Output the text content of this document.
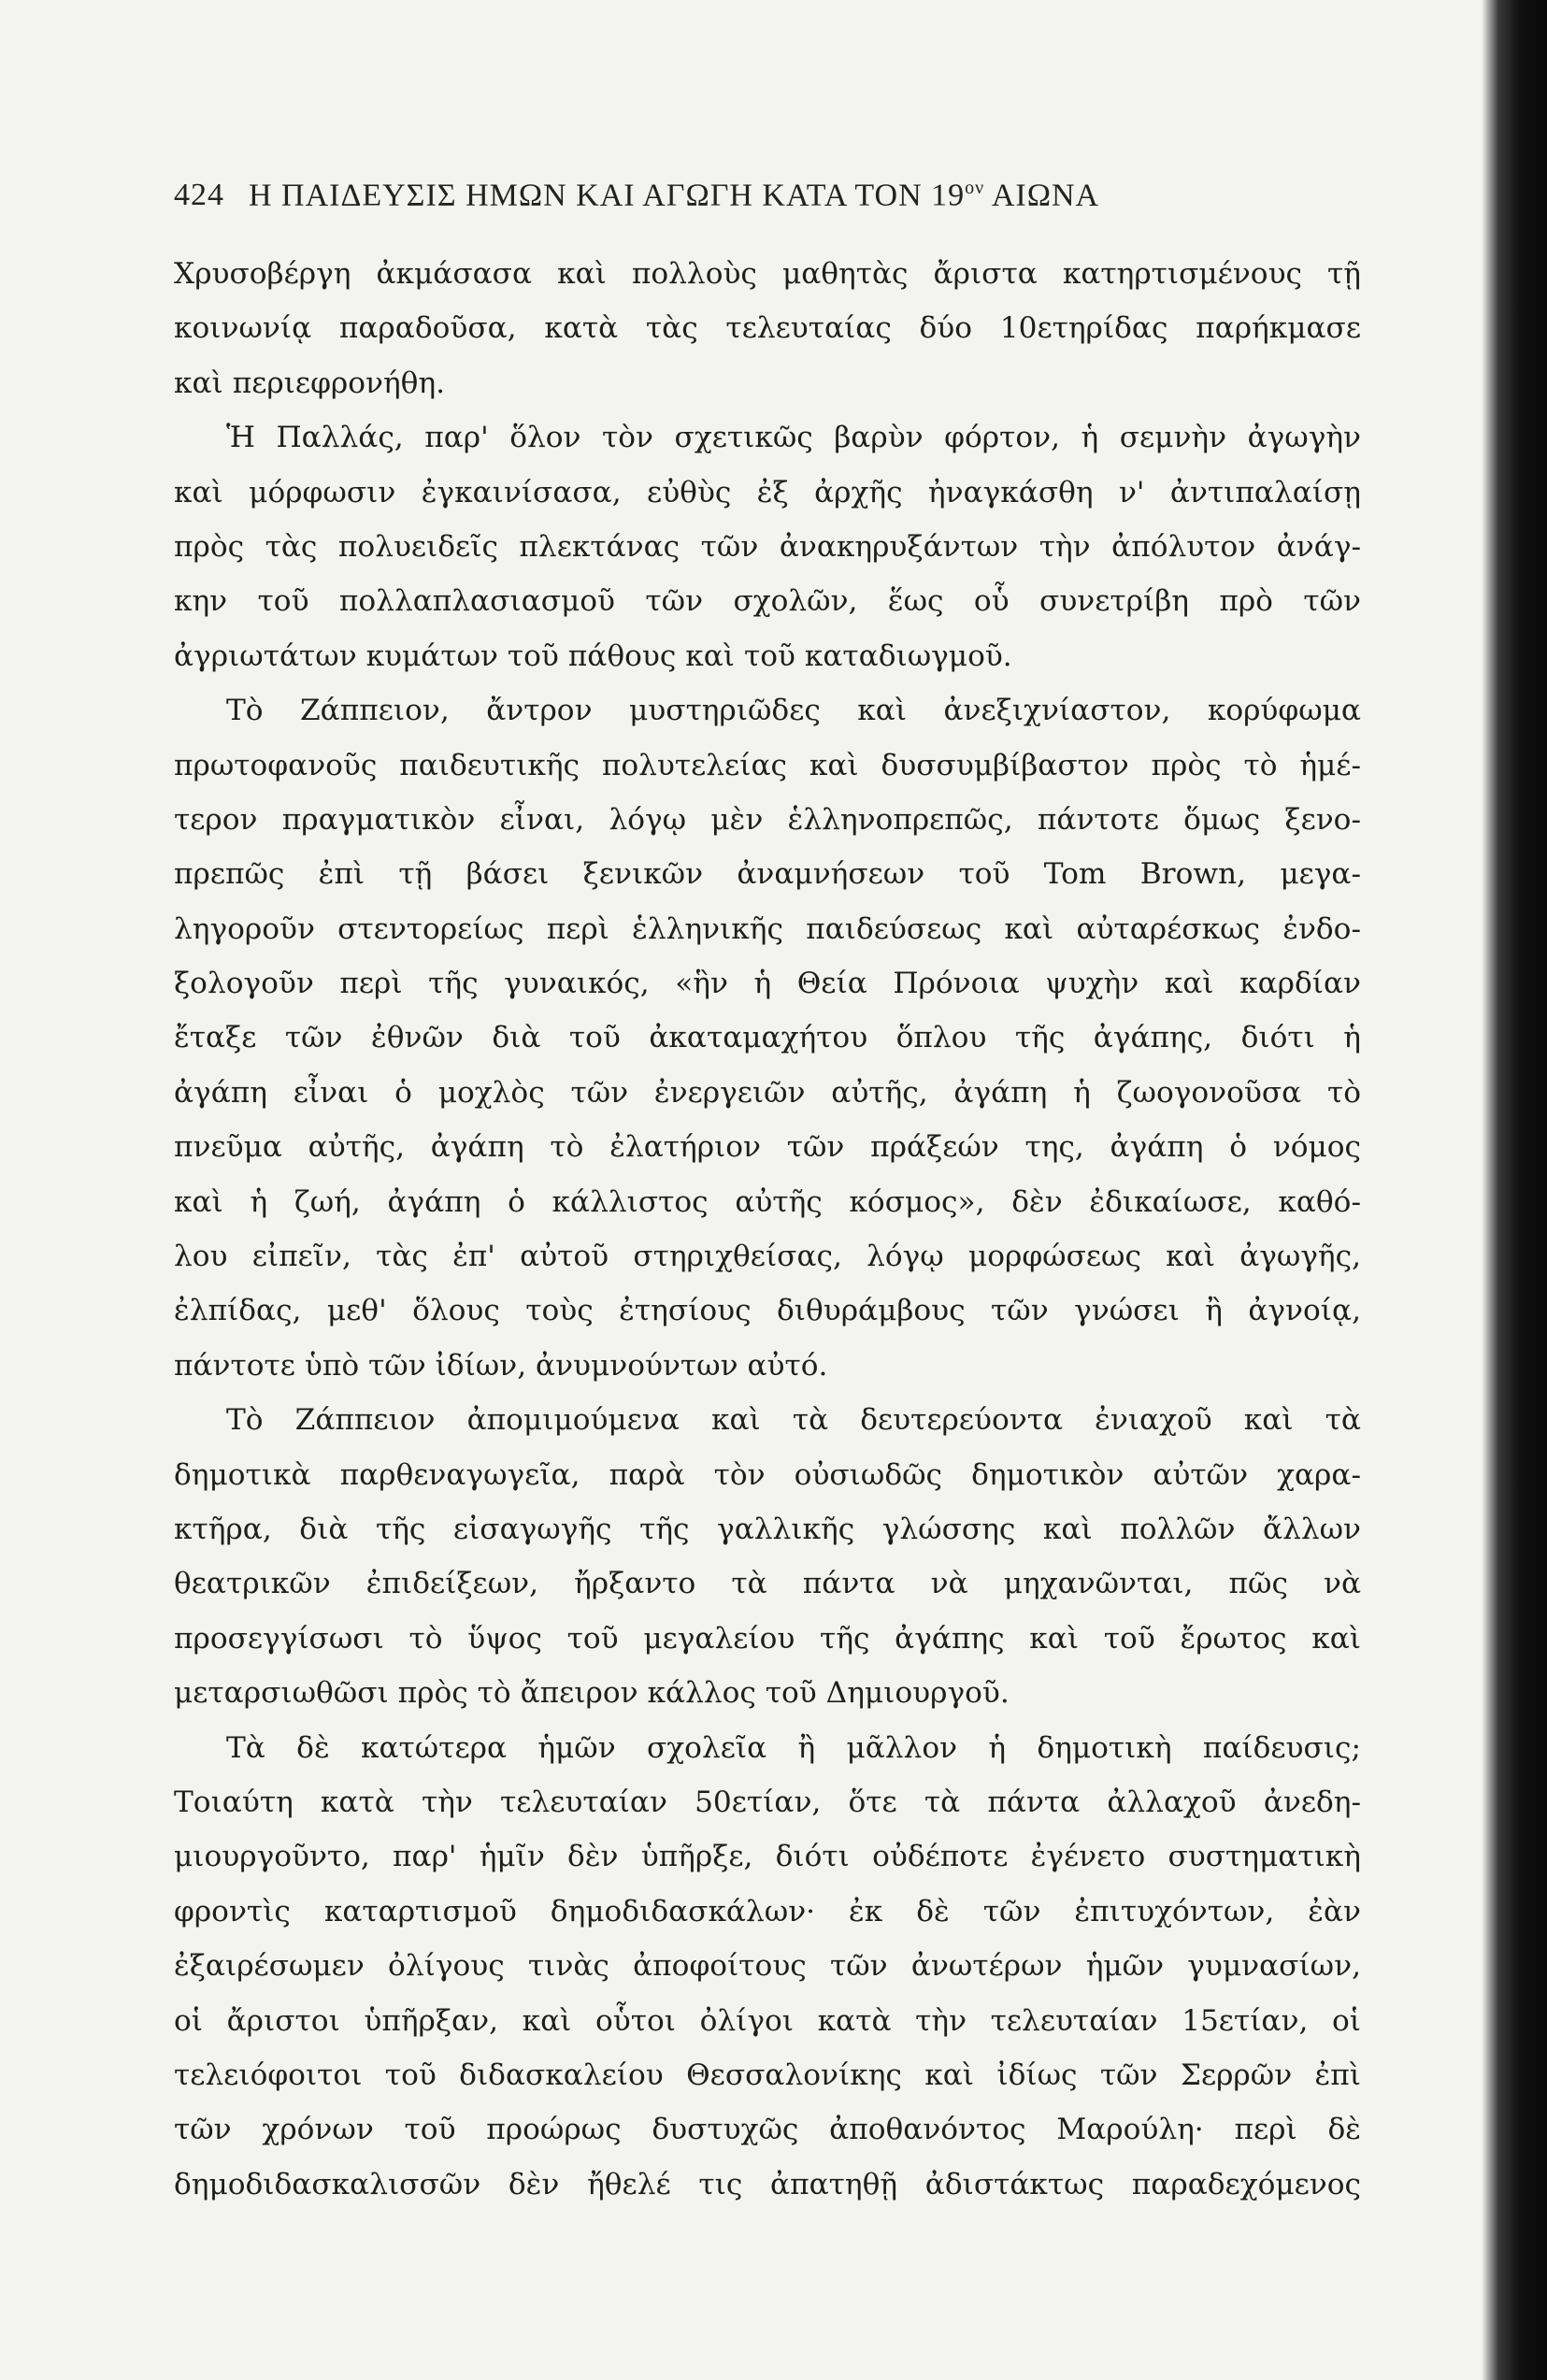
424 Η ΠΑΙΔΕΥΣΙΣ ΗΜΩΝ ΚΑΙ ΑΓΩΓΗ ΚΑΤΑ ΤΟΝ $19^{o\nu}$ ΑΙΩΝΑ
Χρυσοβέργη ἀκμάσασα καὶ πολλοὺς μαθητὰς ἄριστα κατηρτισμένους τῇ
κοινωνίᾳ παραδοῦσα, κατὰ τὰς τελευταίας δύο 10ετηρίδας παρήκμασε
καὶ περιεφρονήθη.
Ἡ Παλλάς, παρ' ὅλον τὸν σχετικῶς βαρὺν φόρτον, ἡ σεμνὴν ἀγωγὴν
καὶ μόρφωσιν ἐγκαινίσασα, εὐθὺς ἐξ ἀρχῆς ἠναγκάσθη ν' ἀντιπαλαίσῃ
πρὸς τὰς πολυειδεῖς πλεκτάνας τῶν ἀνακηρυξάντων τὴν ἀπόλυτον ἀνάγ-
κην τοῦ πολλαπλασιασμοῦ τῶν σχολῶν, ἕως οὗ συνετρίβη πρὸ τῶν
ἀγριωτάτων κυμάτων τοῦ πάθους καὶ τοῦ καταδιωγμοῦ.
Τὸ Ζάππειον, ἄντρον μυστηριῶδες καὶ ἀνεξιχνίαστον, κορύφωμα
πρωτοφανοῦς παιδευτικῆς πολυτελείας καὶ δυσσυμβίβαστον πρὸς τὸ ἡμέ-
τερον πραγματικὸν εἶναι, λόγῳ μὲν ἑλληνοπρεπῶς, πάντοτε ὅμως ξενο-
πρεπῶς ἐπὶ τῇ βάσει ξενικῶν ἀναμνήσεων τοῦ Tom Brown, μεγα-
ληγοροῦν στεντορείως περὶ ἑλληνικῆς παιδεύσεως καὶ αὐταρέσκως ἐνδο-
ξολογοῦν περὶ τῆς γυναικός, «ἣν ἡ Θεία Πρόνοια ψυχὴν καὶ καρδίαν
ἔταξε τῶν ἐθνῶν διὰ τοῦ ἀκαταμαχήτου ὅπλου τῆς ἀγάπης, διότι ἡ
ἀγάπη εἶναι ὁ μοχλὸς τῶν ἐνεργειῶν αὐτῆς, ἀγάπη ἡ ζωογονοῦσα τὸ
πνεῦμα αὐτῆς, ἀγάπη τὸ ἐλατήριον τῶν πράξεών της, ἀγάπη ὁ νόμος
καὶ ἡ ζωή, ἀγάπη ὁ κάλλιστος αὐτῆς κόσμος», δὲν ἐδικαίωσε, καθό-
λου εἰπεῖν, τὰς ἐπ' αὐτοῦ στηριχθείσας, λόγῳ μορφώσεως καὶ ἀγωγῆς,
ἐλπίδας, μεθ' ὅλους τοὺς ἐτησίους διθυράμβους τῶν γνώσει ἢ ἀγνοίᾳ,
πάντοτε ὑπὸ τῶν ἰδίων, ἀνυμνούντων αὐτό.
Τὸ Ζάππειον ἀπομιμούμενα καὶ τὰ δευτερεύοντα ἐνιαχοῦ καὶ τὰ
δημοτικὰ παρθεναγωγεῖα, παρὰ τὸν οὐσιωδῶς δημοτικὸν αὐτῶν χαρα-
κτῆρα, διὰ τῆς εἰσαγωγῆς τῆς γαλλικῆς γλώσσης καὶ πολλῶν ἄλλων
θεατρικῶν ἐπιδείξεων, ἤρξαντο τὰ πάντα νὰ μηχανῶνται, πῶς νὰ
προσεγγίσωσι τὸ ὕψος τοῦ μεγαλείου τῆς ἀγάπης καὶ τοῦ ἔρωτος καὶ
μεταρσιωθῶσι πρὸς τὸ ἄπειρον κάλλος τοῦ Δημιουργοῦ.
Τὰ δὲ κατώτερα ἡμῶν σχολεῖα ἢ μᾶλλον ἡ δημοτικὴ παίδευσις;
Τοιαύτη κατὰ τὴν τελευταίαν 50ετίαν, ὅτε τὰ πάντα ἀλλαχοῦ ἀνεδη-
μιουργοῦντο, παρ' ἡμῖν δὲν ὑπῆρξε, διότι οὐδέποτε ἐγένετο συστηματικὴ
φροντὶς καταρτισμοῦ δημοδιδασκάλων· ἐκ δὲ τῶν ἐπιτυχόντων, ἐὰν
ἐξαιρέσωμεν ὀλίγους τινὰς ἀποφοίτους τῶν ἀνωτέρων ἡμῶν γυμνασίων,
οἱ ἄριστοι ὑπῆρξαν, καὶ οὗτοι ὀλίγοι κατὰ τὴν τελευταίαν 15ετίαν, οἱ
τελειόφοιτοι τοῦ διδασκαλείου Θεσσαλονίκης καὶ ἰδίως τῶν Σερρῶν ἐπὶ
τῶν χρόνων τοῦ προώρως δυστυχῶς ἀποθανόντος Μαρούλη· περὶ δὲ
δημοδιδασκαλισσῶν δὲν ἤθελέ τις ἀπατηθῇ ἀδιστάκτως παραδεχόμενος
